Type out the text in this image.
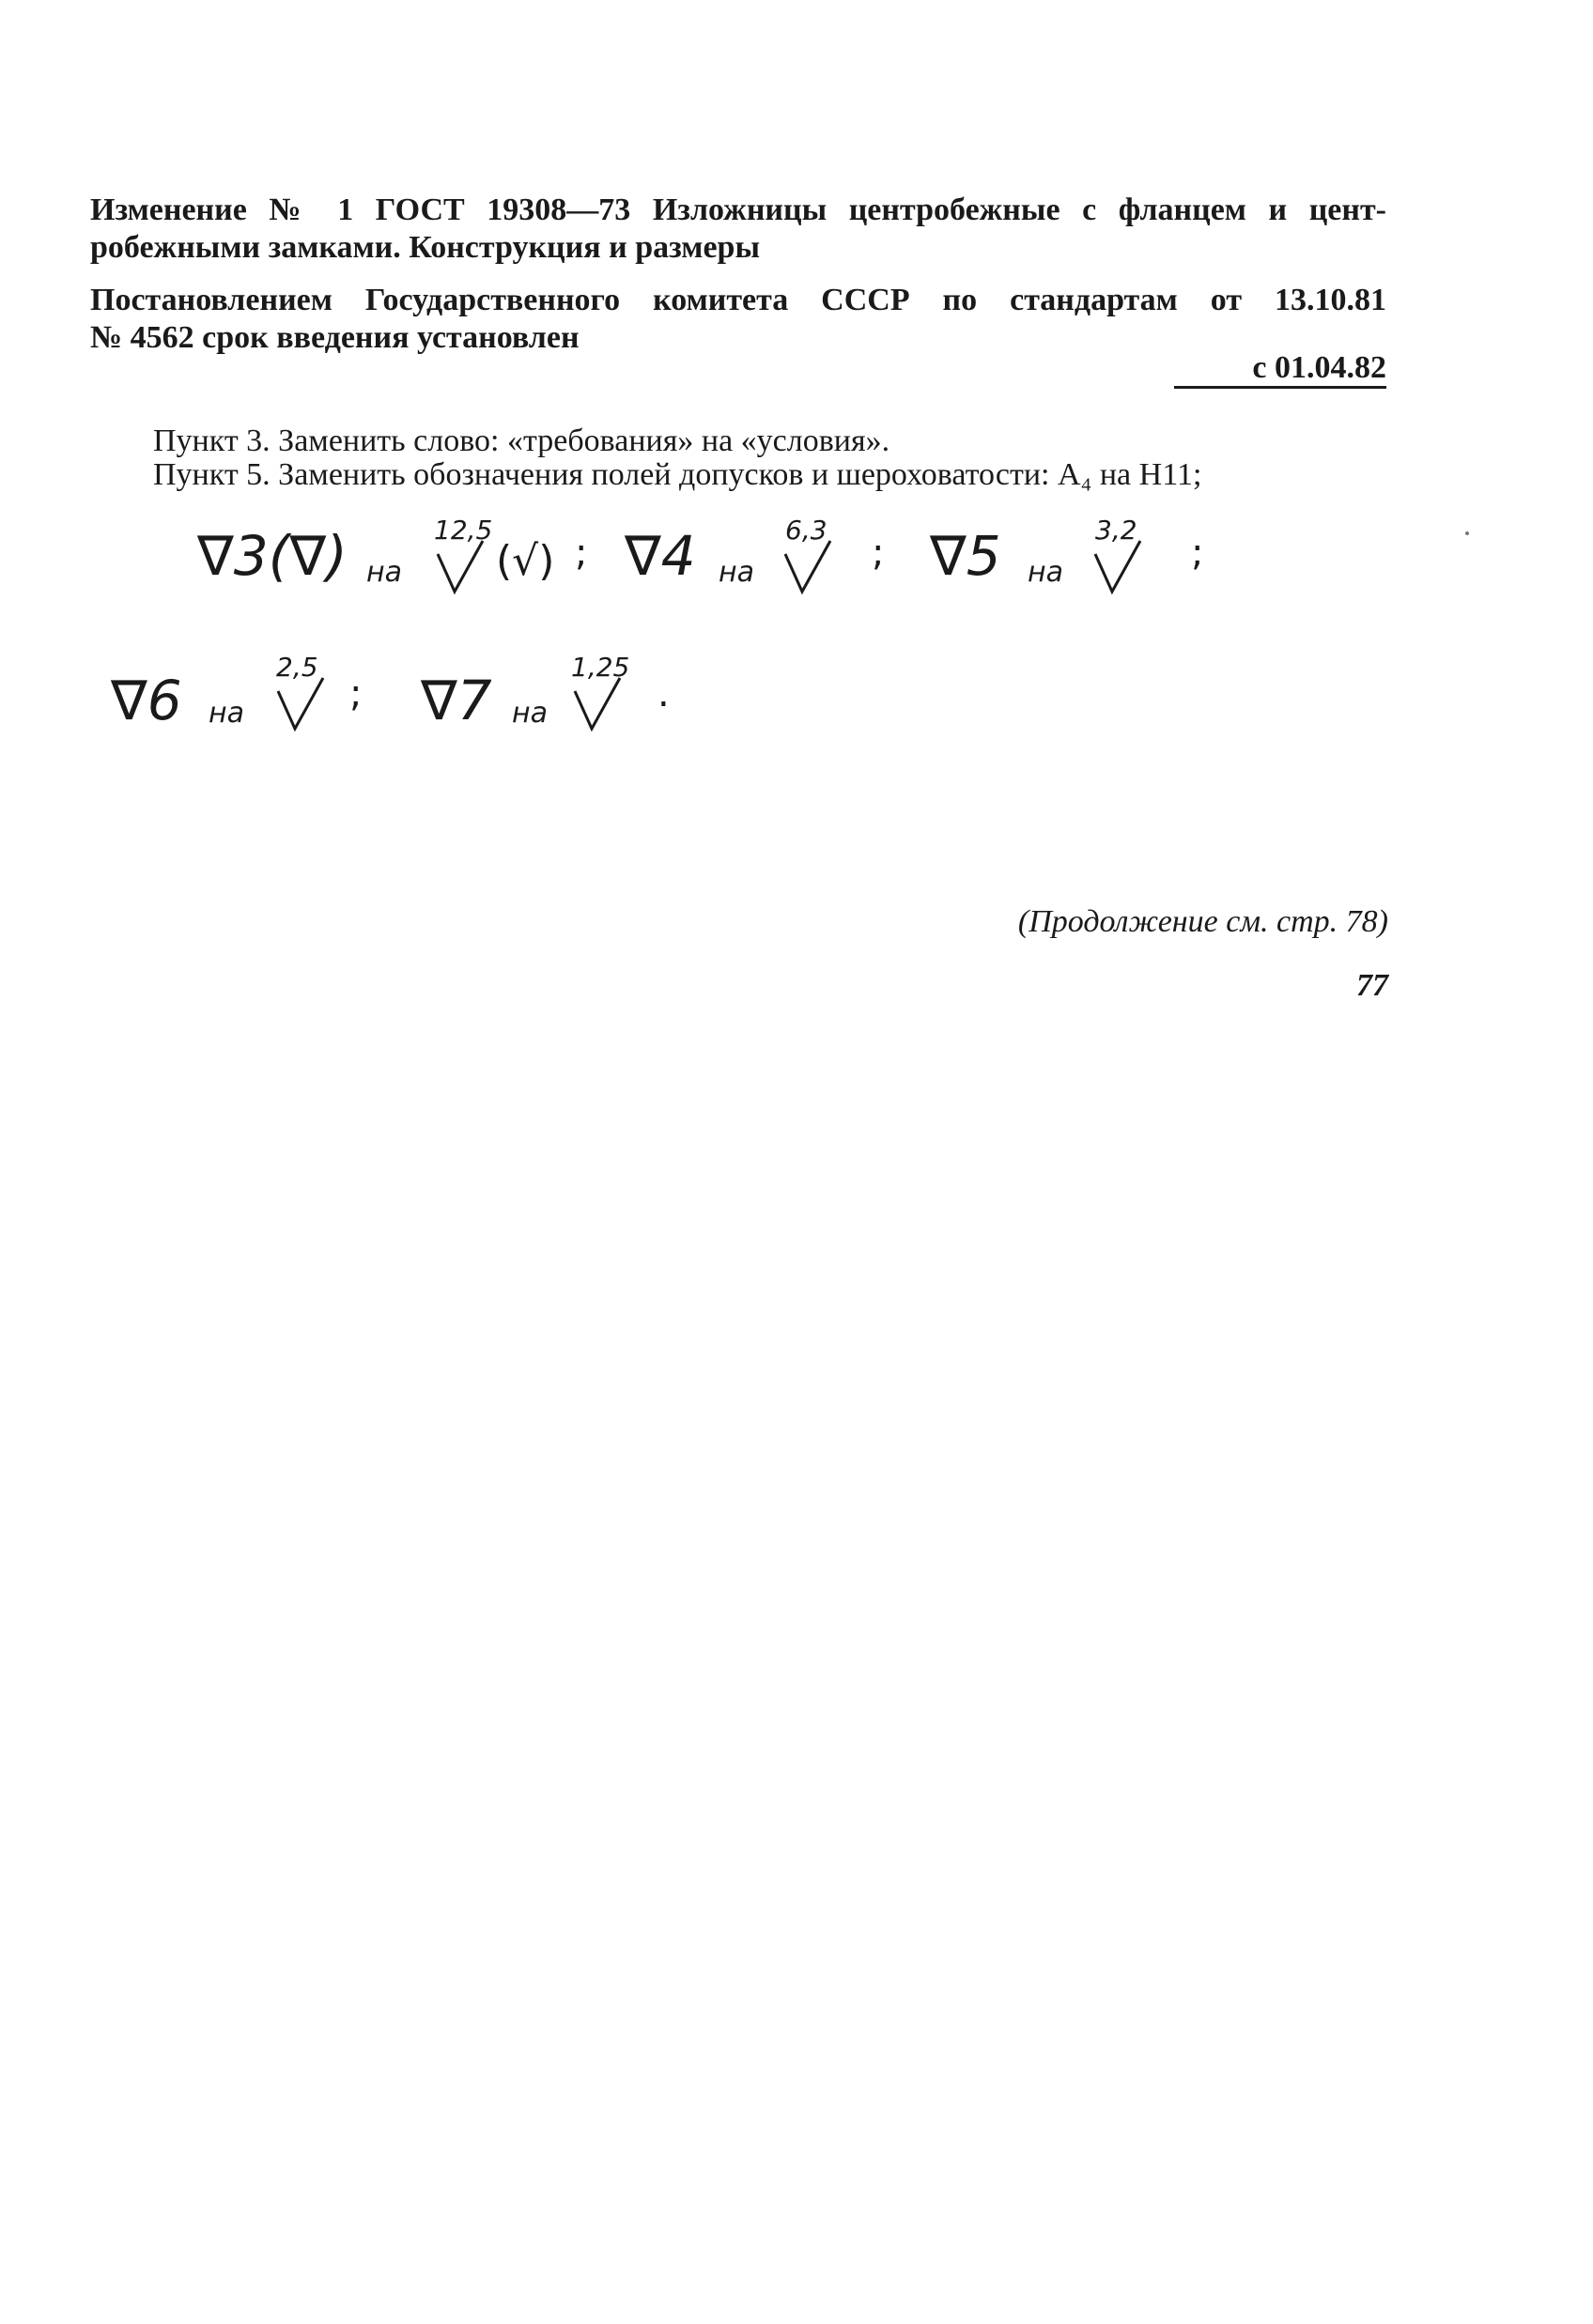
Изменение № 1 ГОСТ 19308—73 Изложницы центробежные с фланцем и цент-
робежными замками. Конструкция и размеры
Постановлением Государственного комитета СССР по стандартам от 13.10.81
№ 4562 срок введения установлен
с 01.04.82
Пункт 3. Заменить слово: «требования» на «условия».
Пункт 5. Заменить обозначения полей допусков и шероховатости: A₄ на H11;
∇3(∇) на
12,5
(√) ; ∇4 на
6,3
; ∇5 на
3,2
;
∇6 на
2,5
; ∇7 на
1,25
.
(Продолжение см. стр. 78)
77
